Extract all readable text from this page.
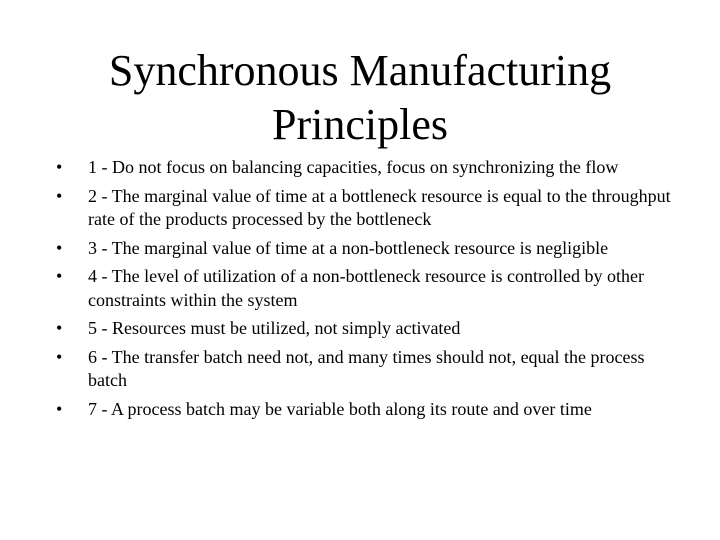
Synchronous Manufacturing
Principles
• 1 - Do not focus on balancing capacities, focus on synchronizing the flow
• 2 - The marginal value of time at a bottleneck resource is equal to the throughput rate of the products processed by the bottleneck
• 3 - The marginal value of time at a non-bottleneck resource is negligible
• 4 - The level of utilization of a non-bottleneck resource is controlled by other constraints within the system
• 5 - Resources must be utilized, not simply activated
• 6 - The transfer batch need not, and many times should not, equal the process batch
• 7 - A process batch may be variable both along its route and over time
